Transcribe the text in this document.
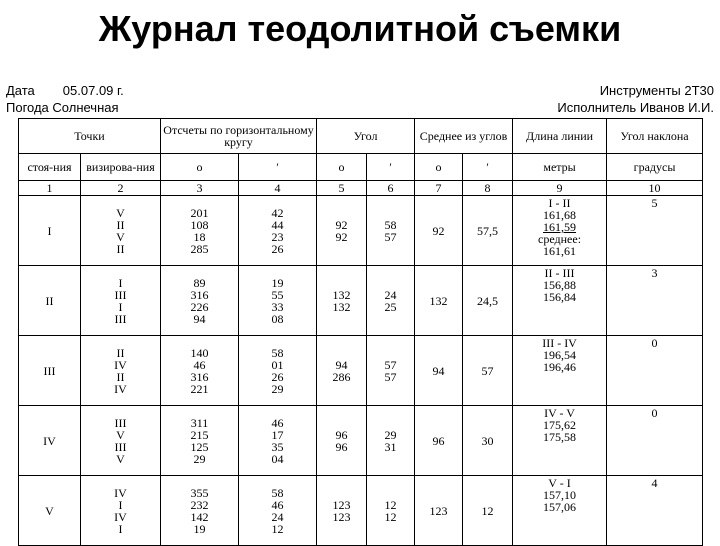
Журнал теодолитной съемки
Дата 05.07.09 г.
Погода Солнечная
Инструменты 2Т30
Исполнитель Иванов И.И.
Точки		Отсчеты по горизонтальному кругу		Угол		Среднее из углов		Длина линии	Угол наклона
стоя-ния	визирова-ния	о	′	о	′	о	′	метры	градусы
1	2	3	4	5	6	7	8	9	10
I	V
II
V
II	201
108
18
285	42
44
23
26	92
92	58
57	92	57,5	I - II
161,68
161,59
среднее:
161,61	5
II	I
III
I
III	89
316
226
94	19
55
33
08	132
132	24
25	132	24,5	II - III
156,88
156,84	3
III	II
IV
II
IV	140
46
316
221	58
01
26
29	94
286	57
57	94	57	III - IV
196,54
196,46	0
IV	III
V
III
V	311
215
125
29	46
17
35
04	96
96	29
31	96	30	IV - V
175,62
175,58	0
V	IV
I
IV
I	355
232
142
19	58
46
24
12	123
123	12
12	123	12	V - I
157,10
157,06	4
